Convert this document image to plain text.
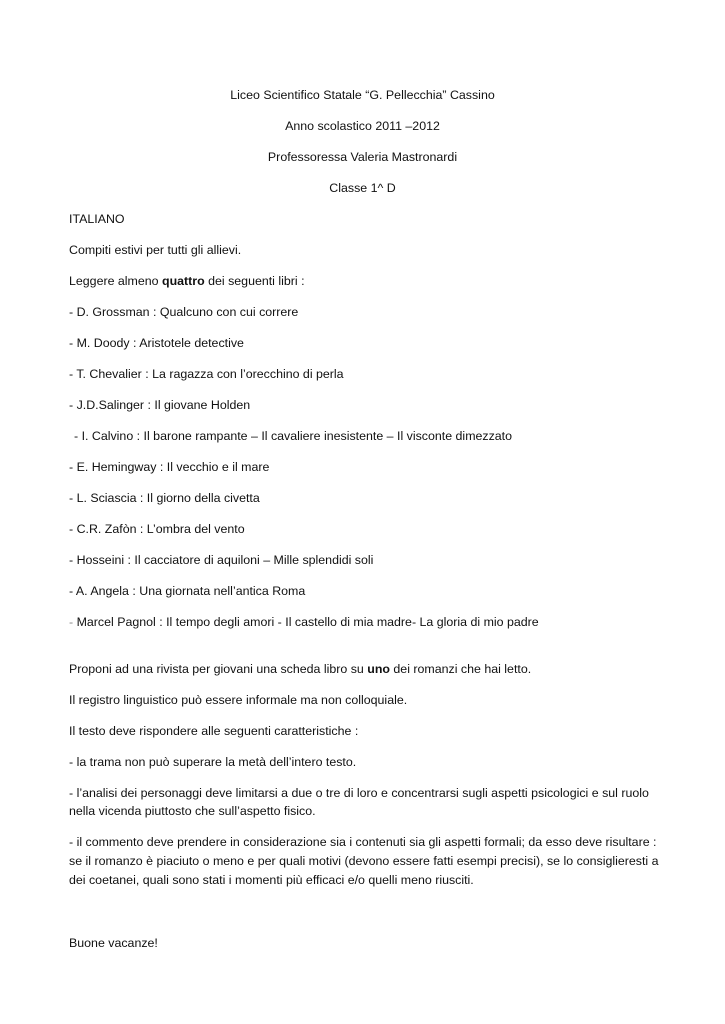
Liceo Scientifico Statale “G. Pellecchia” Cassino
Anno scolastico 2011 –2012
Professoressa Valeria Mastronardi
Classe 1^ D
ITALIANO
Compiti estivi per tutti gli allievi.
Leggere almeno quattro dei seguenti libri :
- D. Grossman : Qualcuno con cui correre
- M. Doody : Aristotele detective
- T. Chevalier : La ragazza con l’orecchino di perla
- J.D.Salinger : Il giovane Holden
- I. Calvino : Il barone rampante – Il cavaliere inesistente – Il visconte dimezzato
- E. Hemingway : Il vecchio e il mare
- L. Sciascia : Il giorno della civetta
- C.R. Zafòn : L’ombra del vento
- Hosseini : Il cacciatore di aquiloni – Mille splendidi soli
- A. Angela : Una giornata nell’antica Roma
- Marcel Pagnol : Il tempo degli amori - Il castello di mia madre- La gloria di mio padre
Proponi ad una rivista per giovani una scheda libro su uno dei romanzi che hai letto.
Il registro linguistico può essere informale ma non colloquiale.
Il testo deve rispondere alle seguenti caratteristiche :
- la trama non può superare la metà dell’intero testo.
- l’analisi dei personaggi deve limitarsi a due o tre di loro e concentrarsi sugli aspetti psicologici e sul ruolo
nella vicenda piuttosto che sull’aspetto fisico.
- il commento deve prendere in considerazione sia i contenuti sia gli aspetti formali; da esso deve risultare :
se il romanzo è piaciuto o meno e per quali motivi (devono essere fatti esempi precisi), se lo consiglieresti a
dei coetanei, quali sono stati i momenti più efficaci e/o quelli meno riusciti.
Buone vacanze!
